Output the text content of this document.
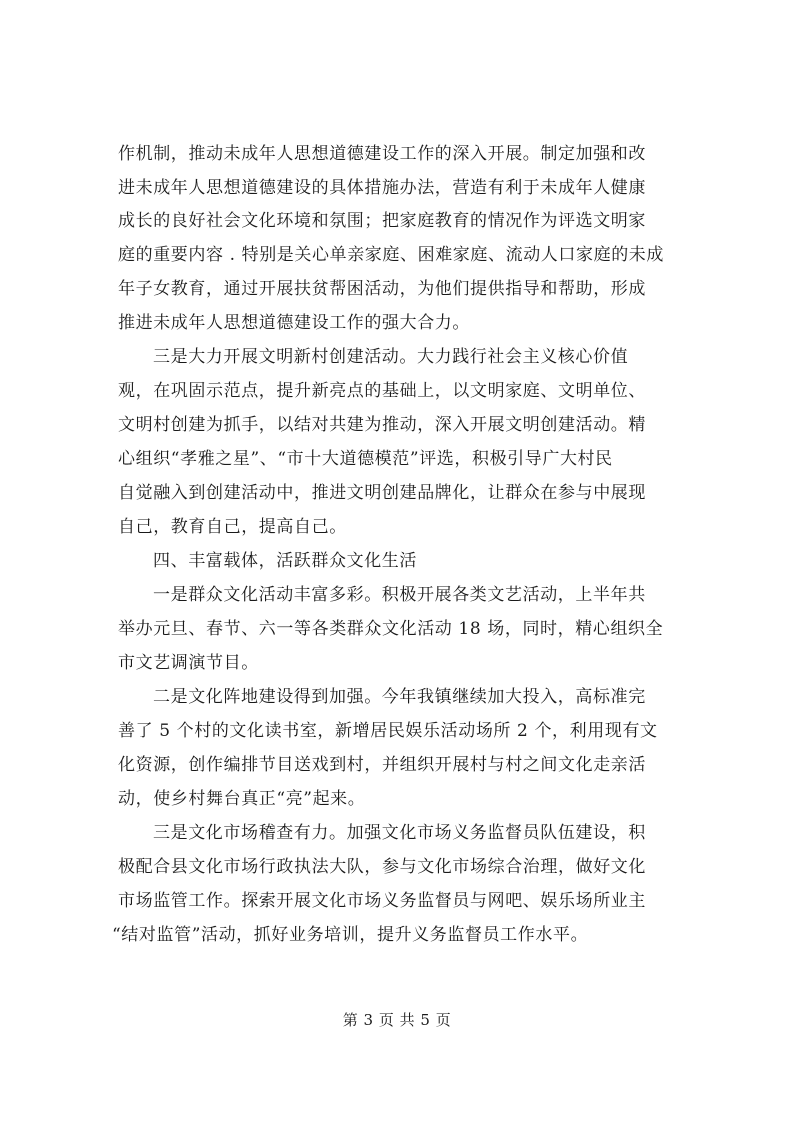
作机制，推动未成年人思想道德建设工作的深入开展。制定加强和改
进未成年人思想道德建设的具体措施办法，营造有利于未成年人健康
成长的良好社会文化环境和氛围；把家庭教育的情况作为评选文明家
庭的重要内容 . 特别是关心单亲家庭、困难家庭、流动人口家庭的未成
年子女教育，通过开展扶贫帮困活动，为他们提供指导和帮助，形成
推进未成年人思想道德建设工作的强大合力。
三是大力开展文明新村创建活动。大力践行社会主义核心价值
观，在巩固示范点，提升新亮点的基础上，以文明家庭、文明单位、
文明村创建为抓手，以结对共建为推动，深入开展文明创建活动。精
心组织“孝雅之星”、“市十大道德模范”评选，积极引导广大村民
自觉融入到创建活动中，推进文明创建品牌化，让群众在参与中展现
自己，教育自己，提高自己。
四、丰富载体，活跃群众文化生活
一是群众文化活动丰富多彩。积极开展各类文艺活动，上半年共
举办元旦、春节、六一等各类群众文化活动 18 场，同时，精心组织全
市文艺调演节目。
二是文化阵地建设得到加强。今年我镇继续加大投入，高标准完
善了 5 个村的文化读书室，新增居民娱乐活动场所 2 个，利用现有文
化资源，创作编排节目送戏到村，并组织开展村与村之间文化走亲活
动，使乡村舞台真正“亮”起来。
三是文化市场稽查有力。加强文化市场义务监督员队伍建设，积
极配合县文化市场行政执法大队，参与文化市场综合治理，做好文化
市场监管工作。探索开展文化市场义务监督员与网吧、娱乐场所业主
“结对监管”活动，抓好业务培训，提升义务监督员工作水平。
第 3 页 共 5 页
